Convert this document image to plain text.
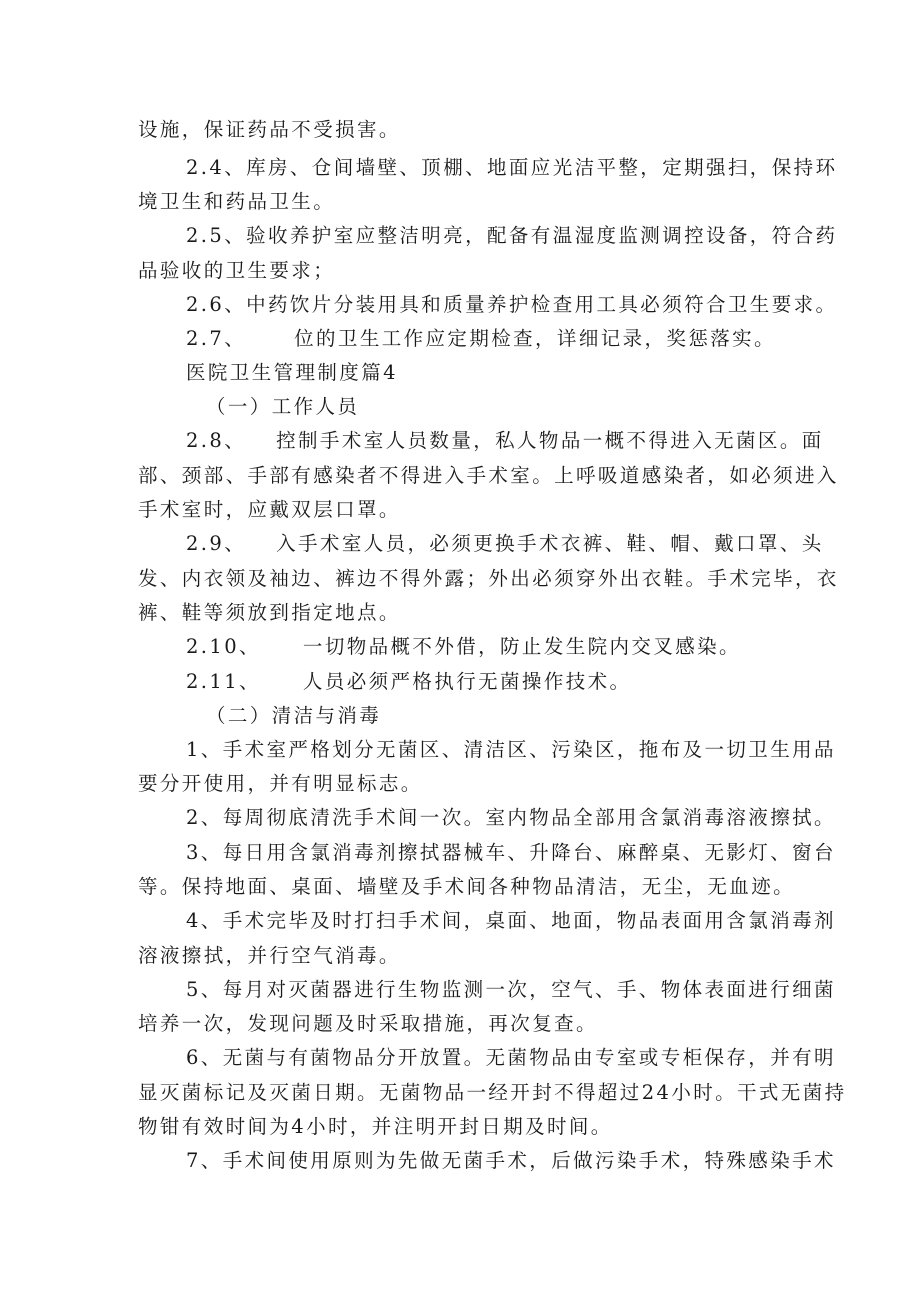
设施，保证药品不受损害。
2.4、库房、仓间墙壁、顶棚、地面应光洁平整，定期强扫，保持环
境卫生和药品卫生。
2.5、验收养护室应整洁明亮，配备有温湿度监测调控设备，符合药
品验收的卫生要求；
2.6、中药饮片分装用具和质量养护检查用工具必须符合卫生要求。
2.7、 位的卫生工作应定期检查，详细记录，奖惩落实。
医院卫生管理制度篇4
（一）工作人员
2.8、 控制手术室人员数量，私人物品一概不得进入无菌区。面
部、颈部、手部有感染者不得进入手术室。上呼吸道感染者，如必须进入
手术室时，应戴双层口罩。
2.9、 入手术室人员，必须更换手术衣裤、鞋、帽、戴口罩、头
发、内衣领及袖边、裤边不得外露；外出必须穿外出衣鞋。手术完毕，衣
裤、鞋等须放到指定地点。
2.10、 一切物品概不外借，防止发生院内交叉感染。
2.11、 人员必须严格执行无菌操作技术。
（二）清洁与消毒
1、手术室严格划分无菌区、清洁区、污染区，拖布及一切卫生用品
要分开使用，并有明显标志。
2、每周彻底清洗手术间一次。室内物品全部用含氯消毒溶液擦拭。
3、每日用含氯消毒剂擦拭器械车、升降台、麻醉桌、无影灯、窗台
等。保持地面、桌面、墙壁及手术间各种物品清洁，无尘，无血迹。
4、手术完毕及时打扫手术间，桌面、地面，物品表面用含氯消毒剂
溶液擦拭，并行空气消毒。
5、每月对灭菌器进行生物监测一次，空气、手、物体表面进行细菌
培养一次，发现问题及时采取措施，再次复查。
6、无菌与有菌物品分开放置。无菌物品由专室或专柜保存，并有明
显灭菌标记及灭菌日期。无菌物品一经开封不得超过24小时。干式无菌持
物钳有效时间为4小时，并注明开封日期及时间。
7、手术间使用原则为先做无菌手术，后做污染手术，特殊感染手术
